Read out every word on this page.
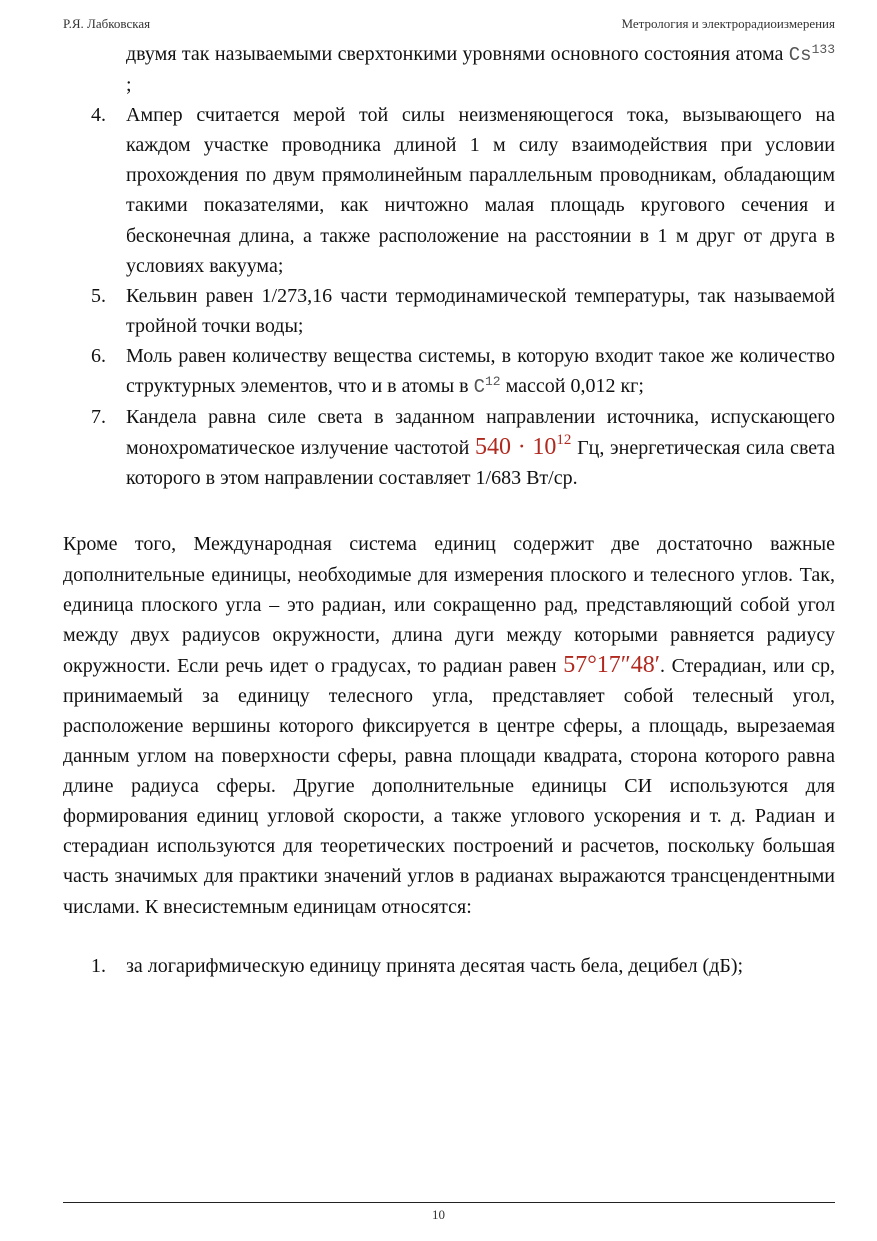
Р.Я. Лабковская	Метрология и электрорадиоизмерения
двумя так называемыми сверхтонкими уровнями основного состояния атома Cs$^{133}$ ;
4. Ампер считается мерой той силы неизменяющегося тока, вызывающего на каждом участке проводника длиной 1 м силу взаимодействия при условии прохождения по двум прямолинейным параллельным проводникам, обладающим такими показателями, как ничтожно малая площадь кругового сечения и бесконечная длина, а также расположение на расстоянии в 1 м друг от друга в условиях вакуума;
5. Кельвин равен 1/273,16 части термодинамической температуры, так называемой тройной точки воды;
6. Моль равен количеству вещества системы, в которую входит такое же количество структурных элементов, что и в атомы в $C^{12}$ массой 0,012 кг;
7. Кандела равна силе света в заданном направлении источника, испускающего монохроматическое излучение частотой $540 \cdot 10^{12}$ Гц, энергетическая сила света которого в этом направлении составляет 1/683 Вт/ср.

Кроме того, Международная система единиц содержит две достаточно важные дополнительные единицы, необходимые для измерения плоского и телесного углов. Так, единица плоского угла – это радиан, или сокращенно рад, представляющий собой угол между двух радиусов окружности, длина дуги между которыми равняется радиусу окружности. Если речь идет о градусах, то радиан равен 57°17″48′. Стерадиан, или ср, принимаемый за единицу телесного угла, представляет собой телесный угол, расположение вершины которого фиксируется в центре сферы, а площадь, вырезаемая данным углом на поверхности сферы, равна площади квадрата, сторона которого равна длине радиуса сферы. Другие дополнительные единицы СИ используются для формирования единиц угловой скорости, а также углового ускорения и т. д. Радиан и стерадиан используются для теоретических построений и расчетов, поскольку большая часть значимых для практики значений углов в радианах выражаются трансцендентными числами. К внесистемным единицам относятся:

1. за логарифмическую единицу принята десятая часть бела, децибел (дБ);
10
